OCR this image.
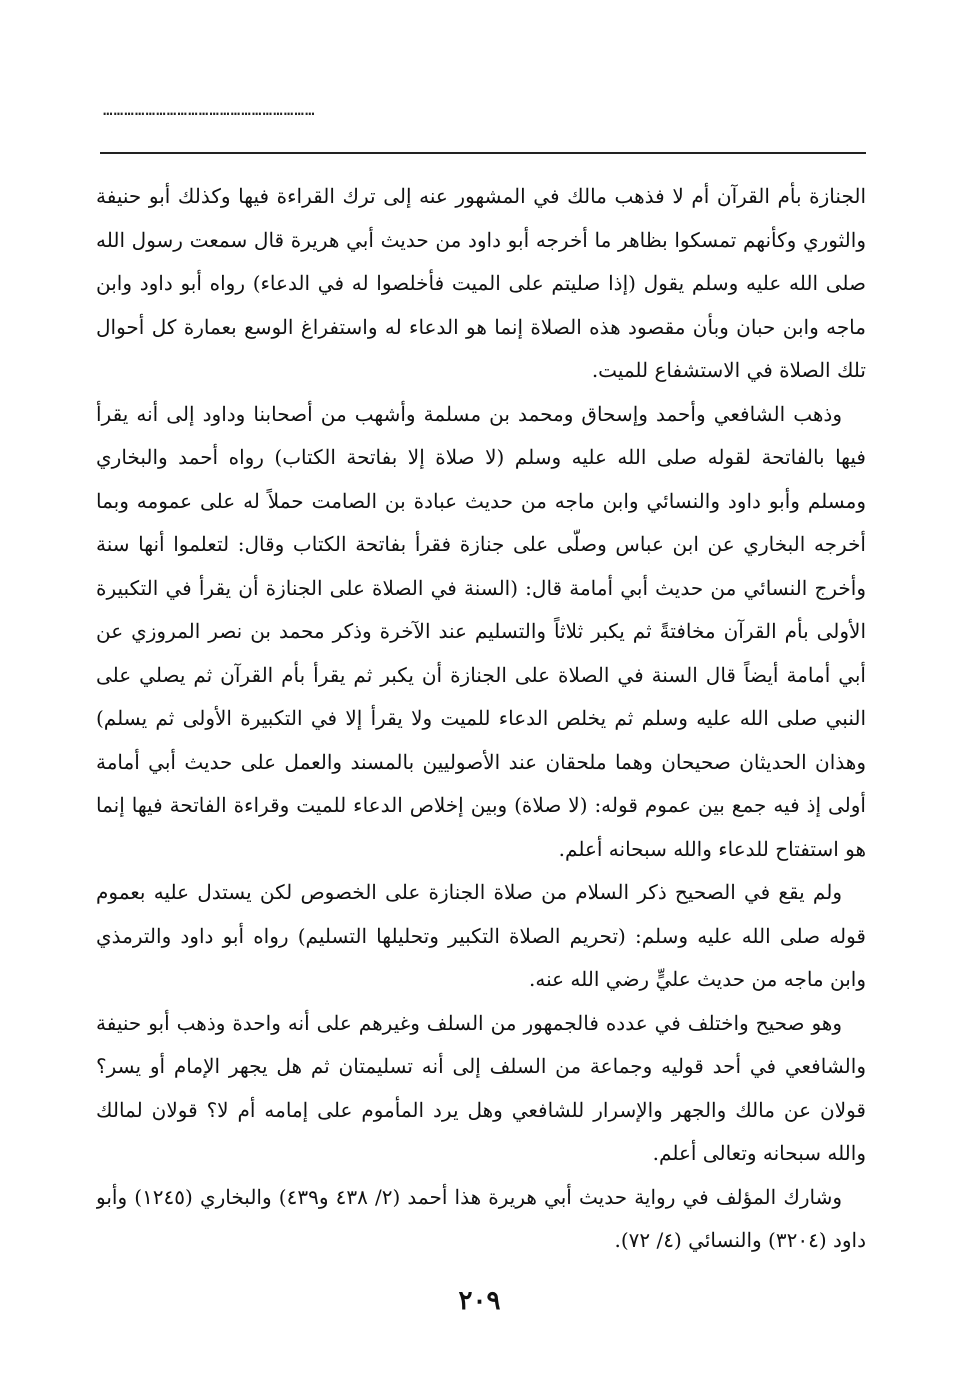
……………………………………………………

الجنازة بأم القرآن أم لا فذهب مالك في المشهور عنه إلى ترك القراءة فيها وكذلك أبو حنيفة والثوري وكأنهم تمسكوا بظاهر ما أخرجه أبو داود من حديث أبي هريرة قال سمعت رسول الله صلى الله عليه وسلم يقول (إذا صليتم على الميت فأخلصوا له في الدعاء) رواه أبو داود وابن ماجه وابن حبان وبأن مقصود هذه الصلاة إنما هو الدعاء له واستفراغ الوسع بعمارة كل أحوال تلك الصلاة في الاستشفاع للميت.

وذهب الشافعي وأحمد وإسحاق ومحمد بن مسلمة وأشهب من أصحابنا وداود إلى أنه يقرأ فيها بالفاتحة لقوله صلى الله عليه وسلم (لا صلاة إلا بفاتحة الكتاب) رواه أحمد والبخاري ومسلم وأبو داود والنسائي وابن ماجه من حديث عبادة بن الصامت حملاً له على عمومه وبما أخرجه البخاري عن ابن عباس وصلّى على جنازة فقرأ بفاتحة الكتاب وقال: لتعلموا أنها سنة وأخرج النسائي من حديث أبي أمامة قال: (السنة في الصلاة على الجنازة أن يقرأ في التكبيرة الأولى بأم القرآن مخافتةً ثم يكبر ثلاثاً والتسليم عند الآخرة وذكر محمد بن نصر المروزي عن أبي أمامة أيضاً قال السنة في الصلاة على الجنازة أن يكبر ثم يقرأ بأم القرآن ثم يصلي على النبي صلى الله عليه وسلم ثم يخلص الدعاء للميت ولا يقرأ إلا في التكبيرة الأولى ثم يسلم) وهذان الحديثان صحيحان وهما ملحقان عند الأصوليين بالمسند والعمل على حديث أبي أمامة أولى إذ فيه جمع بين عموم قوله: (لا صلاة) وبين إخلاص الدعاء للميت وقراءة الفاتحة فيها إنما هو استفتاح للدعاء والله سبحانه أعلم.

ولم يقع في الصحيح ذكر السلام من صلاة الجنازة على الخصوص لكن يستدل عليه بعموم قوله صلى الله عليه وسلم: (تحريم الصلاة التكبير وتحليلها التسليم) رواه أبو داود والترمذي وابن ماجه من حديث عليٍّ رضي الله عنه.

وهو صحيح واختلف في عدده فالجمهور من السلف وغيرهم على أنه واحدة وذهب أبو حنيفة والشافعي في أحد قوليه وجماعة من السلف إلى أنه تسليمتان ثم هل يجهر الإمام أو يسر؟ قولان عن مالك والجهر والإسرار للشافعي وهل يرد المأموم على إمامه أم لا؟ قولان لمالك والله سبحانه وتعالى أعلم.

وشارك المؤلف في رواية حديث أبي هريرة هذا أحمد (٢/ ٤٣٨ و٤٣٩) والبخاري (١٢٤٥) وأبو داود (٣٢٠٤) والنسائي (٤/ ٧٢).

٢٠٩
